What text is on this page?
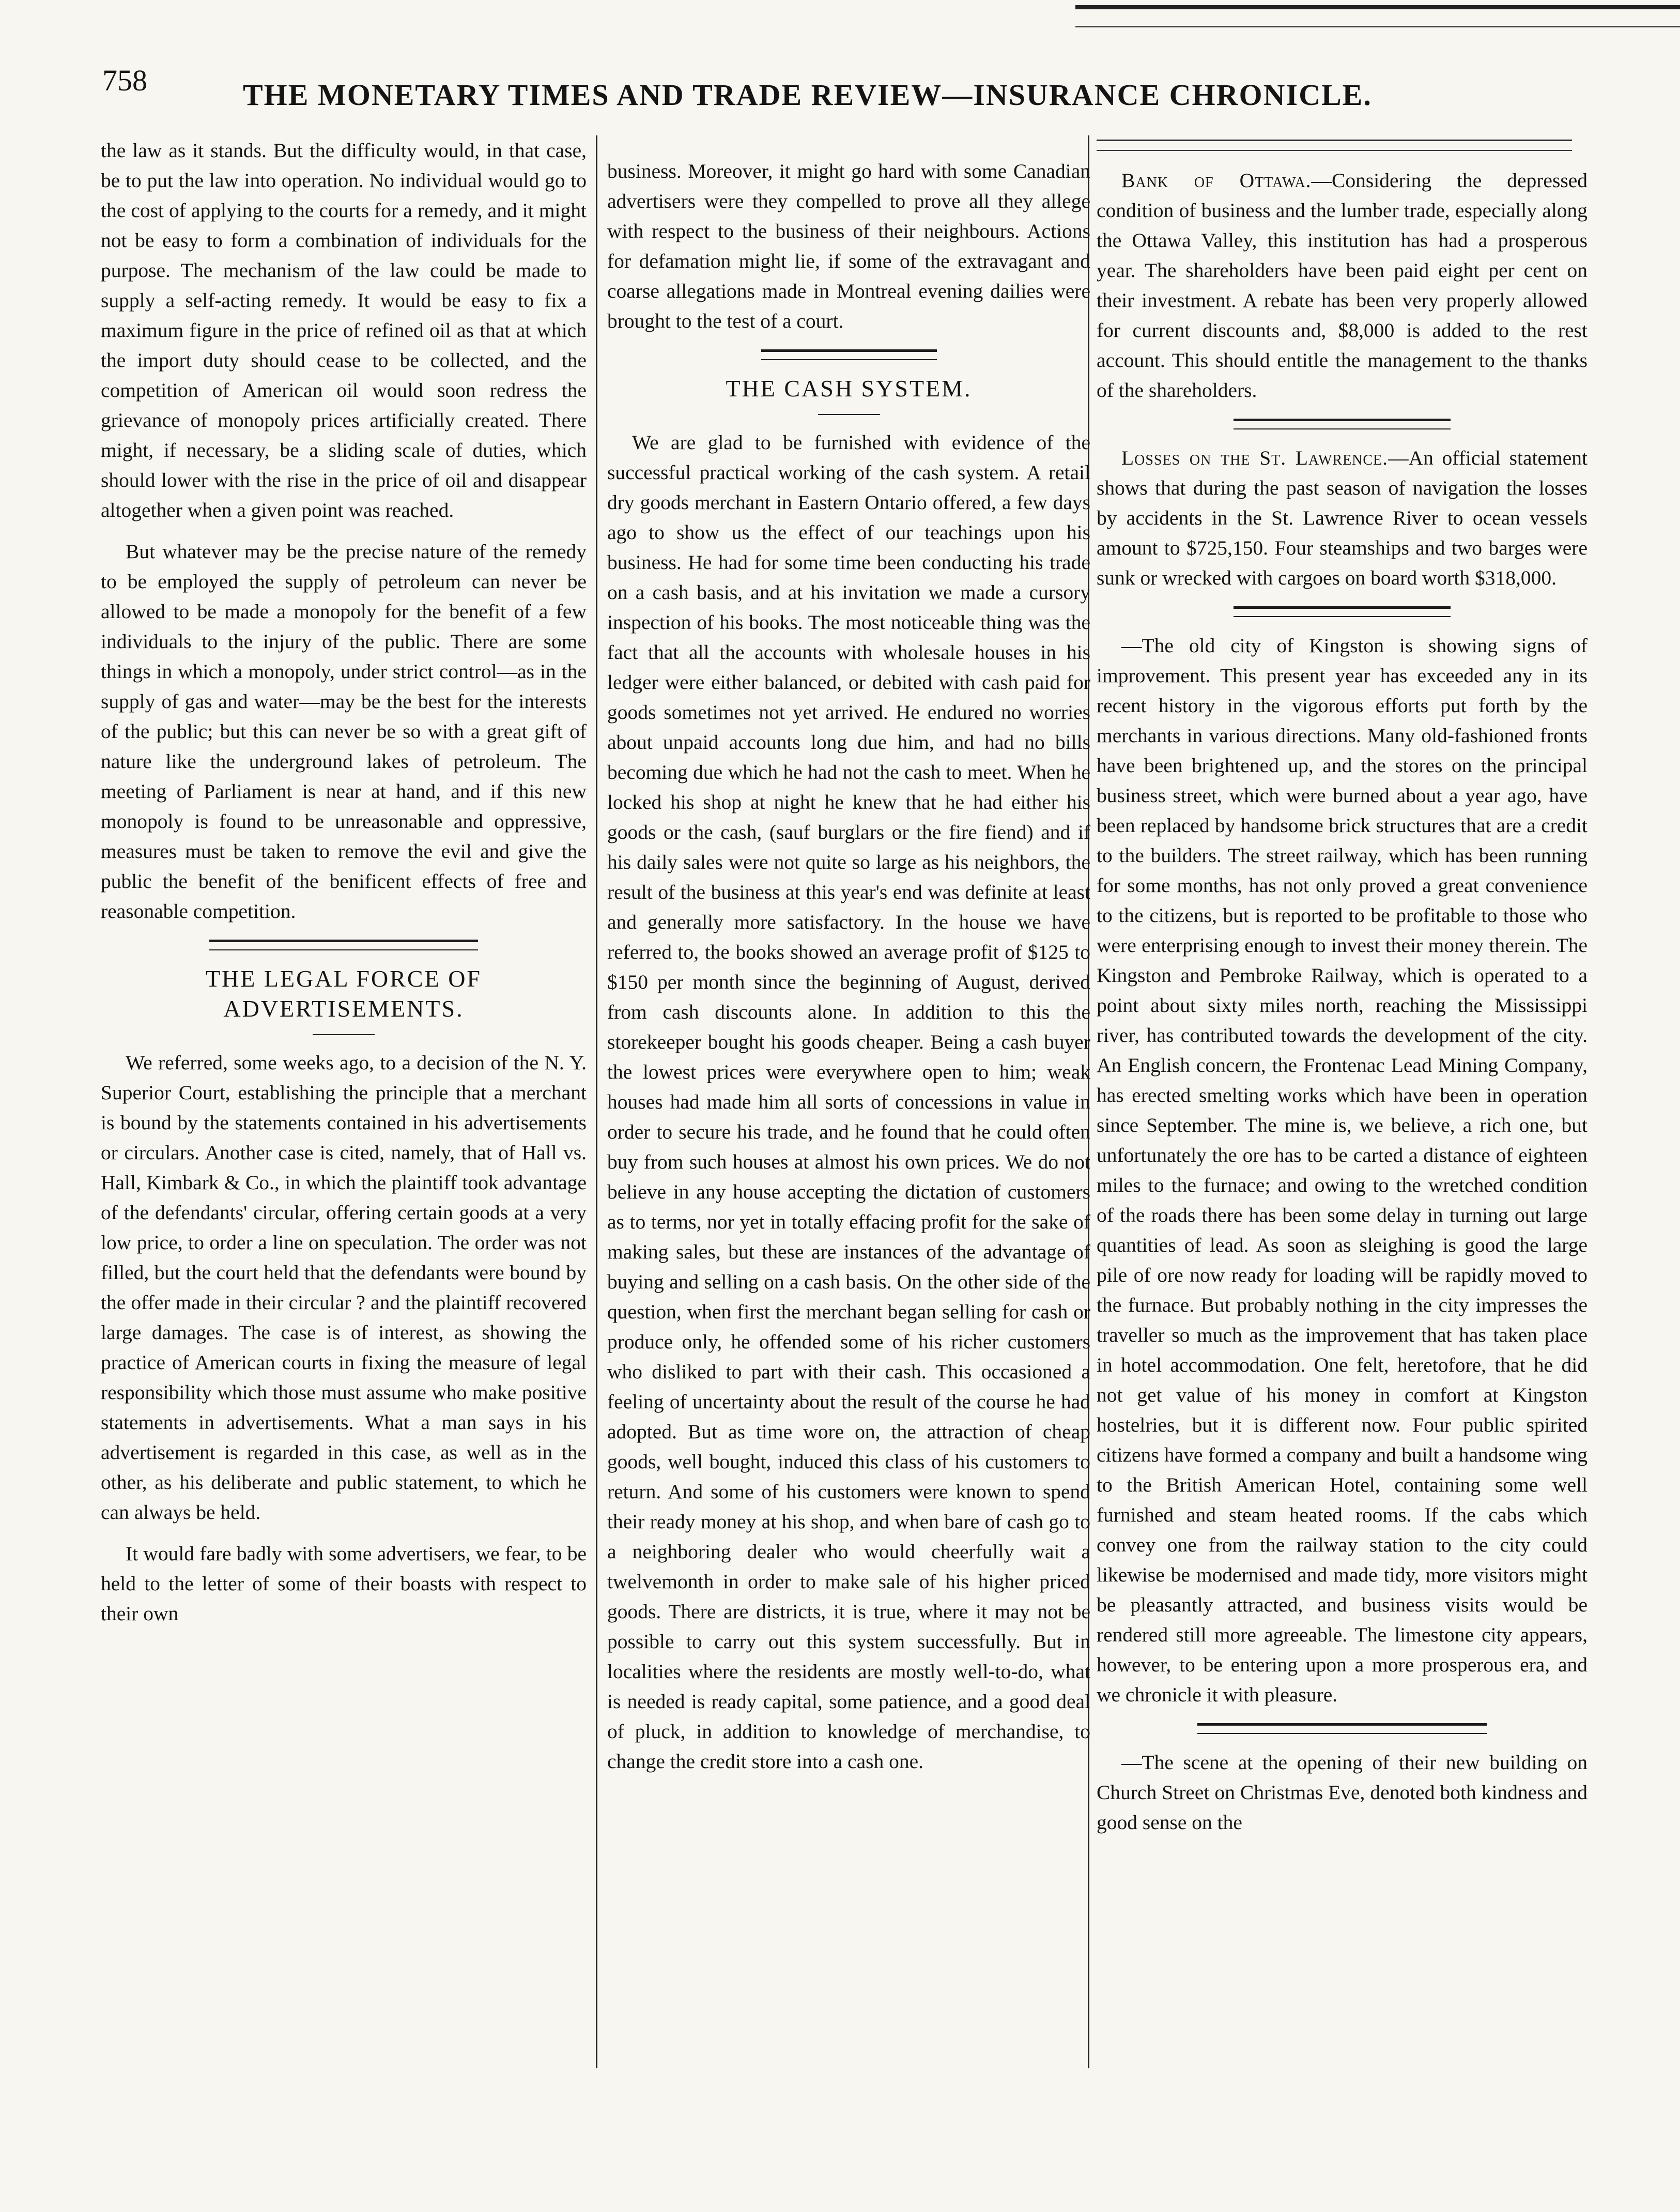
758	THE MONETARY TIMES AND TRADE REVIEW—INSURANCE CHRONICLE.

the law as it stands. But the difficulty would, in that case, be to put the law into operation. No individual would go to the cost of applying to the courts for a remedy, and it might not be easy to form a combination of individuals for the purpose. The mechanism of the law could be made to supply a self-acting remedy. It would be easy to fix a maximum figure in the price of refined oil as that at which the import duty should cease to be collected, and the competition of American oil would soon redress the grievance of monopoly prices artificially created. There might, if necessary, be a sliding scale of duties, which should lower with the rise in the price of oil and disappear altogether when a given point was reached.

But whatever may be the precise nature of the remedy to be employed the supply of petroleum can never be allowed to be made a monopoly for the benefit of a few individuals to the injury of the public. There are some things in which a monopoly, under strict control—as in the supply of gas and water—may be the best for the interests of the public; but this can never be so with a great gift of nature like the underground lakes of petroleum. The meeting of Parliament is near at hand, and if this new monopoly is found to be unreasonable and oppressive, measures must be taken to remove the evil and give the public the benefit of the benificent effects of free and reasonable competition.

THE LEGAL FORCE OF ADVERTISEMENTS.

We referred, some weeks ago, to a decision of the N. Y. Superior Court, establishing the principle that a merchant is bound by the statements contained in his advertisements or circulars. Another case is cited, namely, that of Hall vs. Hall, Kimbark & Co., in which the plaintiff took advantage of the defendants' circular, offering certain goods at a very low price, to order a line on speculation. The order was not filled, but the court held that the defendants were bound by the offer made in their circular ? and the plaintiff recovered large damages. The case is of interest, as showing the practice of American courts in fixing the measure of legal responsibility which those must assume who make positive statements in advertisements. What a man says in his advertisement is regarded in this case, as well as in the other, as his deliberate and public statement, to which he can always be held.

It would fare badly with some advertisers, we fear, to be held to the letter of some of their boasts with respect to their own

business. Moreover, it might go hard with some Canadian advertisers were they compelled to prove all they allege with respect to the business of their neighbours. Actions for defamation might lie, if some of the extravagant and coarse allegations made in Montreal evening dailies were brought to the test of a court.

THE CASH SYSTEM.

We are glad to be furnished with evidence of the successful practical working of the cash system. A retail dry goods merchant in Eastern Ontario offered, a few days ago to show us the effect of our teachings upon his business. He had for some time been conducting his trade on a cash basis, and at his invitation we made a cursory inspection of his books. The most noticeable thing was the fact that all the accounts with wholesale houses in his ledger were either balanced, or debited with cash paid for goods sometimes not yet arrived. He endured no worries about unpaid accounts long due him, and had no bills becoming due which he had not the cash to meet. When he locked his shop at night he knew that he had either his goods or the cash, (sauf burglars or the fire fiend) and if his daily sales were not quite so large as his neighbors, the result of the business at this year's end was definite at least and generally more satisfactory. In the house we have referred to, the books showed an average profit of $125 to $150 per month since the beginning of August, derived from cash discounts alone. In addition to this the storekeeper bought his goods cheaper. Being a cash buyer the lowest prices were everywhere open to him; weak houses had made him all sorts of concessions in value in order to secure his trade, and he found that he could often buy from such houses at almost his own prices. We do not believe in any house accepting the dictation of customers as to terms, nor yet in totally effacing profit for the sake of making sales, but these are instances of the advantage of buying and selling on a cash basis. On the other side of the question, when first the merchant began selling for cash or produce only, he offended some of his richer customers who disliked to part with their cash. This occasioned a feeling of uncertainty about the result of the course he had adopted. But as time wore on, the attraction of cheap goods, well bought, induced this class of his customers to return. And some of his customers were known to spend their ready money at his shop, and when bare of cash go to a neighboring dealer who would cheerfully wait a twelvemonth in order to make sale of his higher priced goods. There are districts, it is true, where it may not be possible to carry out this system successfully. But in localities where the residents are mostly well-to-do, what is needed is ready capital, some patience, and a good deal of pluck, in addition to knowledge of merchandise, to change the credit store into a cash one.

Bank of Ottawa.—Considering the depressed condition of business and the lumber trade, especially along the Ottawa Valley, this institution has had a prosperous year. The shareholders have been paid eight per cent on their investment. A rebate has been very properly allowed for current discounts and, $8,000 is added to the rest account. This should entitle the management to the thanks of the shareholders.

Losses on the St. Lawrence.—An official statement shows that during the past season of navigation the losses by accidents in the St. Lawrence River to ocean vessels amount to $725,150. Four steamships and two barges were sunk or wrecked with cargoes on board worth $318,000.

—The old city of Kingston is showing signs of improvement. This present year has exceeded any in its recent history in the vigorous efforts put forth by the merchants in various directions. Many old-fashioned fronts have been brightened up, and the stores on the principal business street, which were burned about a year ago, have been replaced by handsome brick structures that are a credit to the builders. The street railway, which has been running for some months, has not only proved a great convenience to the citizens, but is reported to be profitable to those who were enterprising enough to invest their money therein. The Kingston and Pembroke Railway, which is operated to a point about sixty miles north, reaching the Mississippi river, has contributed towards the development of the city. An English concern, the Frontenac Lead Mining Company, has erected smelting works which have been in operation since September. The mine is, we believe, a rich one, but unfortunately the ore has to be carted a distance of eighteen miles to the furnace; and owing to the wretched condition of the roads there has been some delay in turning out large quantities of lead. As soon as sleighing is good the large pile of ore now ready for loading will be rapidly moved to the furnace. But probably nothing in the city impresses the traveller so much as the improvement that has taken place in hotel accommodation. One felt, heretofore, that he did not get value of his money in comfort at Kingston hostelries, but it is different now. Four public spirited citizens have formed a company and built a handsome wing to the British American Hotel, containing some well furnished and steam heated rooms. If the cabs which convey one from the railway station to the city could likewise be modernised and made tidy, more visitors might be pleasantly attracted, and business visits would be rendered still more agreeable. The limestone city appears, however, to be entering upon a more prosperous era, and we chronicle it with pleasure.

—The scene at the opening of their new building on Church Street on Christmas Eve, denoted both kindness and good sense on the
